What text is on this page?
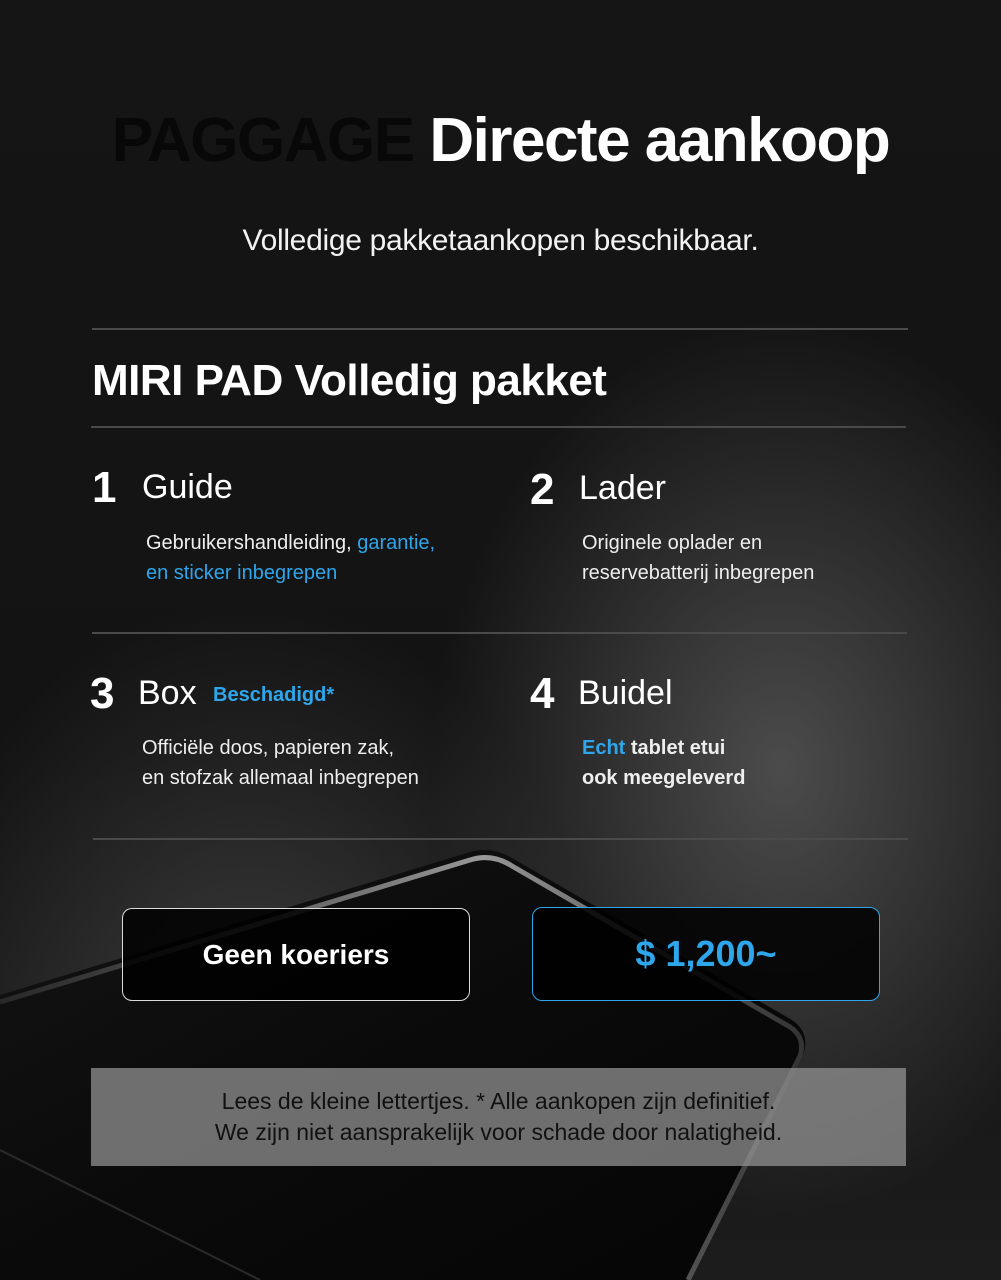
PAGGAGE Directe aankoop
Volledige pakketaankopen beschikbaar.
MIRI PAD Volledig pakket
1 Guide
Gebruikershandleiding, garantie,
en sticker inbegrepen
2 Lader
Originele oplader en
reservebatterij inbegrepen
3 Box Beschadigd*
Officiële doos, papieren zak,
en stofzak allemaal inbegrepen
4 Buidel
Echt tablet etui
ook meegeleverd
Geen koeriers	$ 1,200~
Lees de kleine lettertjes. * Alle aankopen zijn definitief.
We zijn niet aansprakelijk voor schade door nalatigheid.
